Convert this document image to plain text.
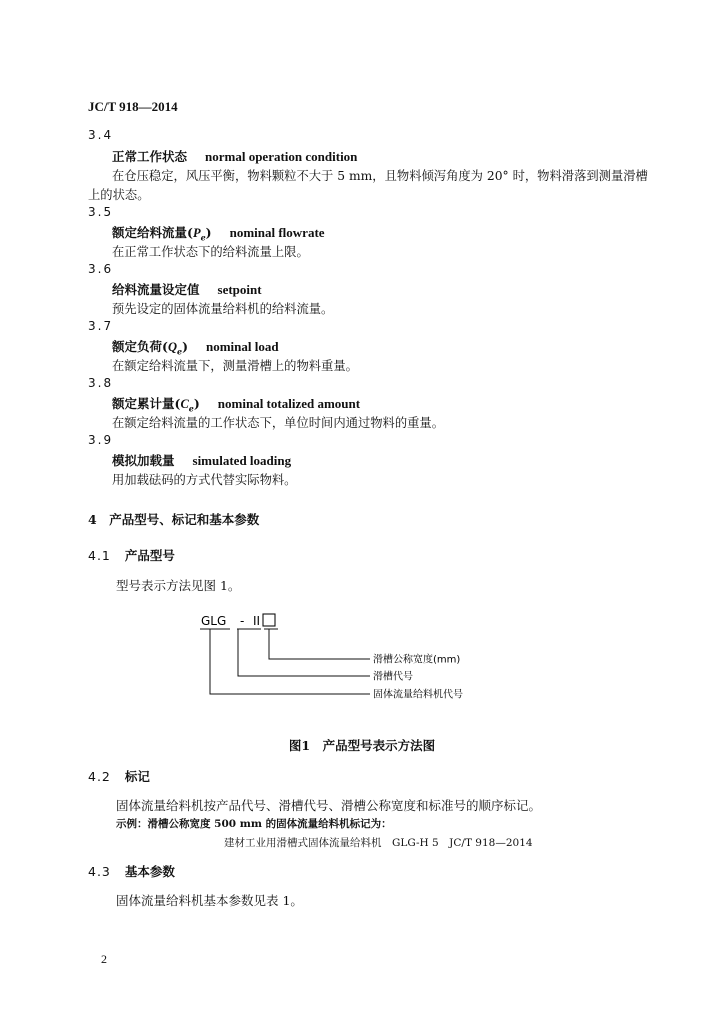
JC/T 918—2014
3.4
正常工作状态 normal operation condition
在仓压稳定，风压平衡，物料颗粒不大于 5 mm，且物料倾泻角度为 20° 时，物料滑落到测量滑槽
上的状态。
3.5
额定给料流量$(P_e)$ nominal flowrate
在正常工作状态下的给料流量上限。
3.6
给料流量设定值 setpoint
预先设定的固体流量给料机的给料流量。
3.7
额定负荷$(Q_e)$ nominal load
在额定给料流量下，测量滑槽上的物料重量。
3.8
额定累计量$(C_e)$ nominal totalized amount
在额定给料流量的工作状态下，单位时间内通过物料的重量。
3.9
模拟加载量 simulated loading
用加载砝码的方式代替实际物料。
4　产品型号、标记和基本参数
4.1 产品型号
型号表示方法见图 1。
GLG - II
滑槽公称宽度(mm)
滑槽代号
固体流量给料机代号
图1　产品型号表示方法图
4.2 标记
固体流量给料机按产品代号、滑槽代号、滑槽公称宽度和标准号的顺序标记。
示例：滑槽公称宽度 500 mm 的固体流量给料机标记为：
建材工业用滑槽式固体流量给料机　GLG-H 5　JC/T 918—2014
4.3 基本参数
固体流量给料机基本参数见表 1。
2
